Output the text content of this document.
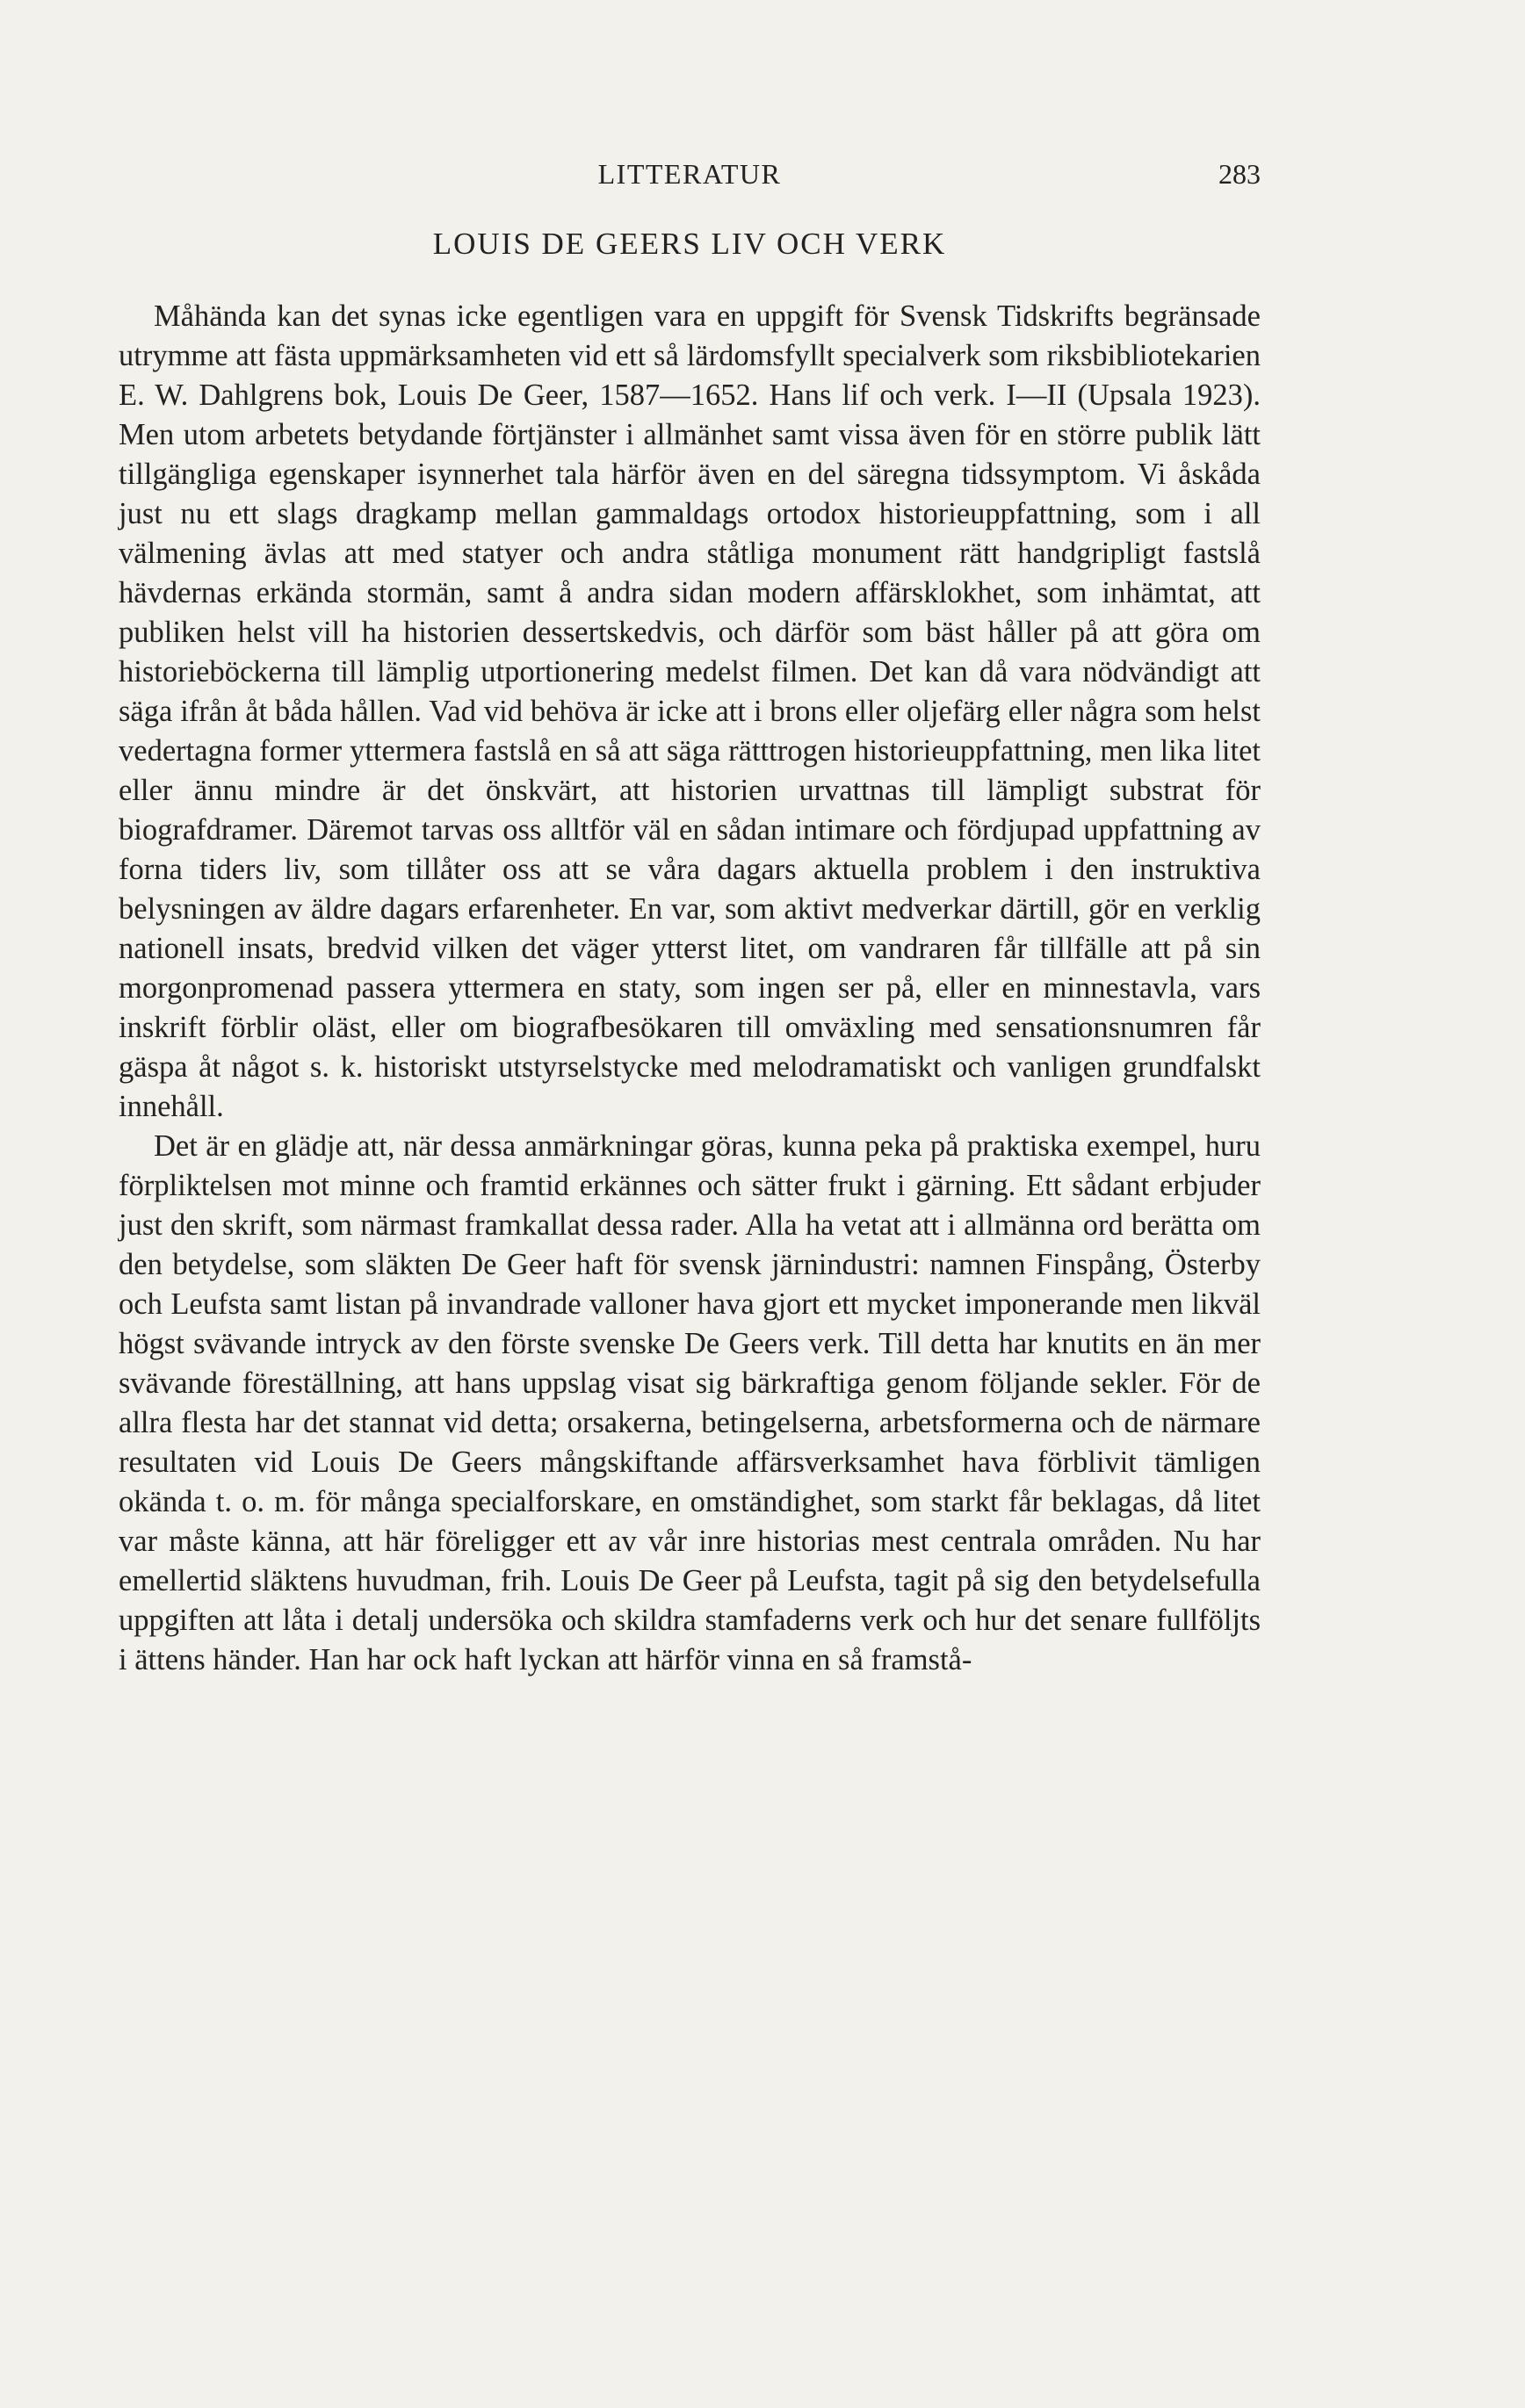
LITTERATUR	283
LOUIS DE GEERS LIV OCH VERK

Måhända kan det synas icke egentligen vara en uppgift för Svensk Tidskrifts begränsade utrymme att fästa uppmärksamheten vid ett så lärdomsfyllt specialverk som riksbibliotekarien E. W. Dahlgrens bok, Louis De Geer, 1587—1652. Hans lif och verk. I—II (Upsala 1923). Men utom arbetets betydande förtjänster i allmänhet samt vissa även för en större publik lätt tillgängliga egenskaper isynnerhet tala härför även en del säregna tidssymptom. Vi åskåda just nu ett slags dragkamp mellan gammaldags ortodox historieuppfattning, som i all välmening ävlas att med statyer och andra ståtliga monument rätt handgripligt fastslå hävdernas erkända stormän, samt å andra sidan modern affärsklokhet, som inhämtat, att publiken helst vill ha historien dessertskedvis, och därför som bäst håller på att göra om historieböckerna till lämplig utportionering medelst filmen. Det kan då vara nödvändigt att säga ifrån åt båda hållen. Vad vid behöva är icke att i brons eller oljefärg eller några som helst vedertagna former yttermera fastslå en så att säga rätttrogen historieuppfattning, men lika litet eller ännu mindre är det önskvärt, att historien urvattnas till lämpligt substrat för biografdramer. Däremot tarvas oss alltför väl en sådan intimare och fördjupad uppfattning av forna tiders liv, som tillåter oss att se våra dagars aktuella problem i den instruktiva belysningen av äldre dagars erfarenheter. En var, som aktivt medverkar därtill, gör en verklig nationell insats, bredvid vilken det väger ytterst litet, om vandraren får tillfälle att på sin morgonpromenad passera yttermera en staty, som ingen ser på, eller en minnestavla, vars inskrift förblir oläst, eller om biografbesökaren till omväxling med sensationsnumren får gäspa åt något s. k. historiskt utstyrselstycke med melodramatiskt och vanligen grundfalskt innehåll.

Det är en glädje att, när dessa anmärkningar göras, kunna peka på praktiska exempel, huru förpliktelsen mot minne och framtid erkännes och sätter frukt i gärning. Ett sådant erbjuder just den skrift, som närmast framkallat dessa rader. Alla ha vetat att i allmänna ord berätta om den betydelse, som släkten De Geer haft för svensk järnindustri: namnen Finspång, Österby och Leufsta samt listan på invandrade valloner hava gjort ett mycket imponerande men likväl högst svävande intryck av den förste svenske De Geers verk. Till detta har knutits en än mer svävande föreställning, att hans uppslag visat sig bärkraftiga genom följande sekler. För de allra flesta har det stannat vid detta; orsakerna, betingelserna, arbetsformerna och de närmare resultaten vid Louis De Geers mångskiftande affärsverksamhet hava förblivit tämligen okända t. o. m. för många specialforskare, en omständighet, som starkt får beklagas, då litet var måste känna, att här föreligger ett av vår inre historias mest centrala områden. Nu har emellertid släktens huvudman, frih. Louis De Geer på Leufsta, tagit på sig den betydelsefulla uppgiften att låta i detalj undersöka och skildra stamfaderns verk och hur det senare fullföljts i ättens händer. Han har ock haft lyckan att härför vinna en så framstå-
